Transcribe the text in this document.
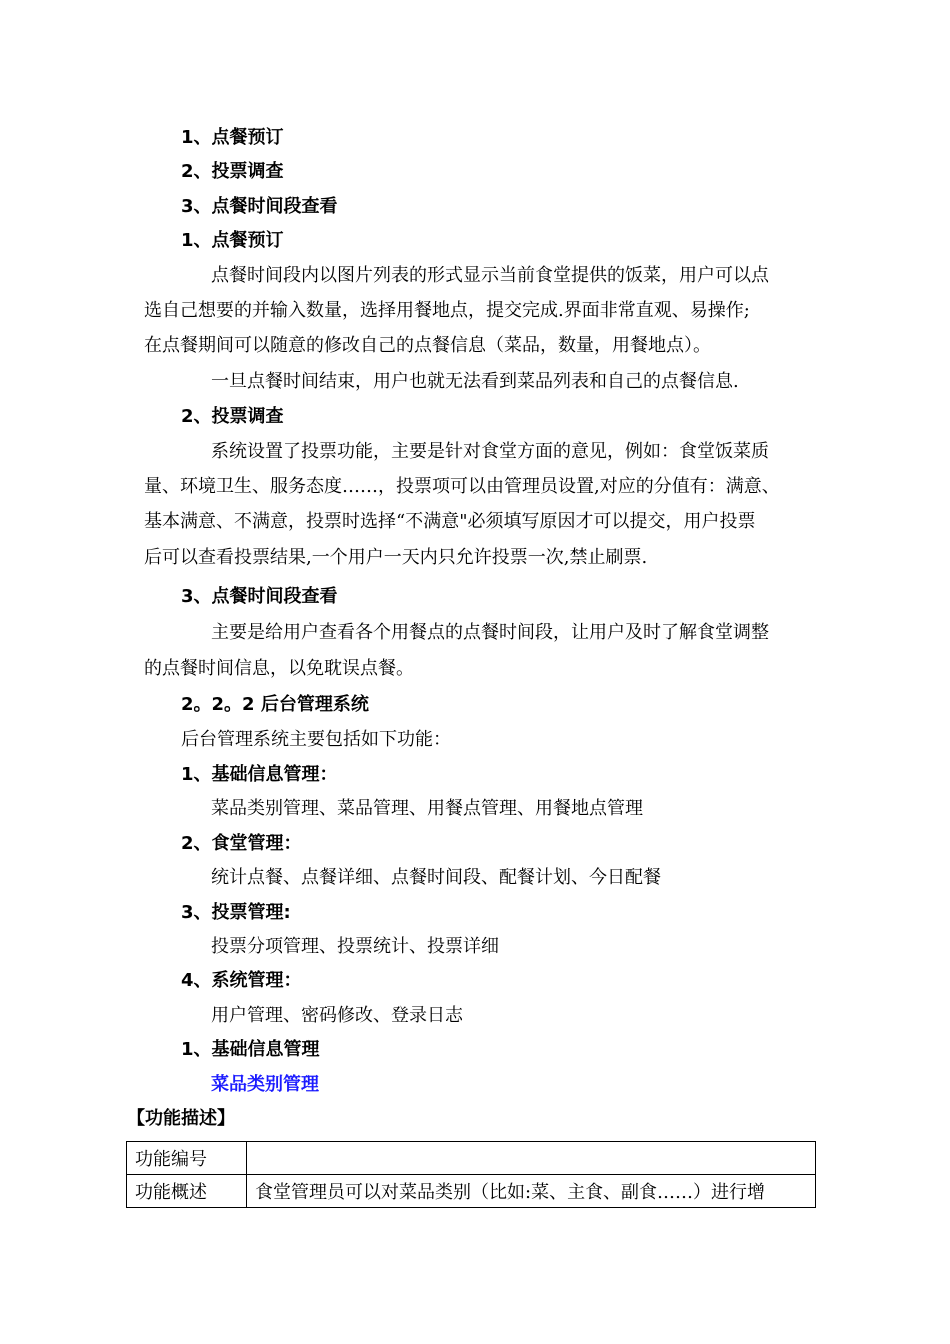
1、点餐预订
2、投票调查
3、点餐时间段查看
1、点餐预订
点餐时间段内以图片列表的形式显示当前食堂提供的饭菜，用户可以点
选自己想要的并输入数量，选择用餐地点，提交完成.界面非常直观、易操作;
在点餐期间可以随意的修改自己的点餐信息（菜品，数量，用餐地点）。
一旦点餐时间结束，用户也就无法看到菜品列表和自己的点餐信息.
2、投票调查
系统设置了投票功能，主要是针对食堂方面的意见，例如：食堂饭菜质
量、环境卫生、服务态度……，投票项可以由管理员设置,对应的分值有：满意、
基本满意、不满意，投票时选择“不满意"必须填写原因才可以提交，用户投票
后可以查看投票结果,一个用户一天内只允许投票一次,禁止刷票.
3、点餐时间段查看
主要是给用户查看各个用餐点的点餐时间段，让用户及时了解食堂调整
的点餐时间信息，以免耽误点餐。
2。2。2 后台管理系统
后台管理系统主要包括如下功能：
1、基础信息管理：
菜品类别管理、菜品管理、用餐点管理、用餐地点管理
2、食堂管理：
统计点餐、点餐详细、点餐时间段、配餐计划、今日配餐
3、投票管理:
投票分项管理、投票统计、投票详细
4、系统管理：
用户管理、密码修改、登录日志
1、基础信息管理
菜品类别管理
【功能描述】
功能编号	
功能概述	食堂管理员可以对菜品类别（比如:菜、主食、副食……）进行增
